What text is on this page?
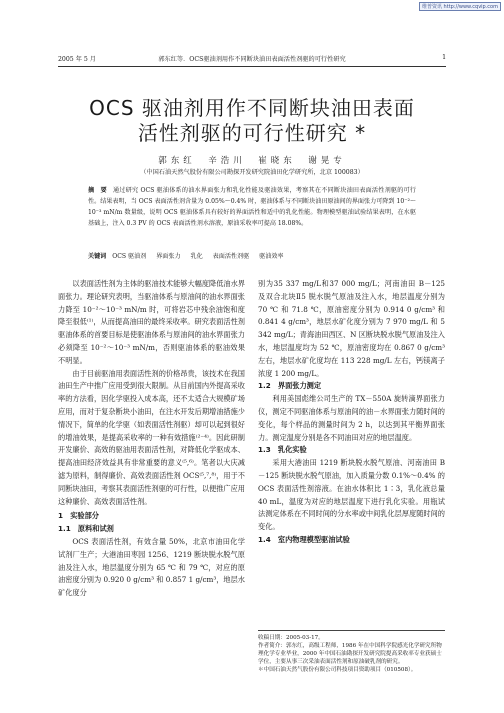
维普资讯 http://www.cqvip.com
2005 年 5 月	郭东红等．OCS驱油剂用作不同断块油田表面活性剂驱的可行性研究	1
OCS 驱油剂用作不同断块油田表面
活性剂驱的可行性研究 *
郭东红　辛浩川　崔晓东　谢晃专
（中国石油天然气股份有限公司勘探开发研究院油田化学研究所，北京 100083）
摘　要 通过研究 OCS 驱油体系的油水界面张力和乳化性能及驱油效果，考察其在不同断块油田表面活性剂驱的可行性。结果表明，当 OCS 表面活性剂含量为 0.05%～0.4% 时，驱油体系与不同断块油田原油间的界面张力可降到 10⁻²～10⁻³ mN/m 数量级，说明 OCS 驱油体系具有较好的界面活性和适中的乳化性能。物理模型驱油试验结果表明，在水驱基础上，注入 0.3 PV 的 OCS 表面活性剂水溶液，原油采收率可提高 18.08%。
关键词 OCS 驱油剂 界面张力 乳化 表面活性剂驱 驱油效率

以表面活性剂为主体的驱油技术能够大幅度降低油水界面张力。理论研究表明，当驱油体系与原油间的油水界面张力降至 10⁻²～10⁻³ mN/m 时，可将岩芯中残余油饱和度降至很低⁽¹⁾，从而提高油田的最终采收率。研究表面活性剂驱油体系的首要目标是使驱油体系与原油间的油水界面张力必须降至 10⁻²～10⁻³ mN/m，否则驱油体系的驱油效果不明显。

由于目前驱油用表面活性剂的价格昂贵，该技术在我国油田生产中推广应用受到很大限制。从目前国内外提高采收率的方法看，因化学驱投入成本高，还不太适合大规模矿场应用，而对于复杂断块小油田，在注水开发后期增油措施少情况下，简单的化学驱（如表面活性剂驱）却可以起到很好的增油效果，是提高采收率的一种有效措施⁽²⁻⁴⁾。因此研制开发廉价、高效的驱油用表面活性剂，对降低化学驱成本、提高油田经济效益具有非常重要的意义⁽⁵,⁶⁾。笔者以大庆减滤为原料，制得廉价、高效表面活性剂 OCS⁽⁵,⁷,⁸⁾，用于不同断块油田，考察其表面活性剂驱的可行性，以便推广应用这种廉价、高效表面活性剂。

1　实验部分
1.1　原料和试剂

OCS 表面活性剂，有效含量 50%，北京市油田化学试剂厂生产；大港油田枣园 1256、1219 断块脱水脱气原油及注入水，地层温度分别为 65 ℃ 和 79 ℃，对应的原油密度分别为 0.920 0 g/cm³ 和 0.857 1 g/cm³，地层水矿化度分

别为35 337 mg/L和37 000 mg/L；河南油田 B－125 及双合北块Ⅱ5 脱水脱气原油及注入水，地层温度分别为 70 ℃ 和 71.8 ℃，原油密度分别为 0.914 0 g/cm³ 和 0.841 4 g/cm³，地层水矿化度分别为 7 970 mg/L 和 5 342 mg/L；青海油田西区、N 区断块脱水脱气原油及注入水，地层温度均为 52 ℃，原油密度均在 0.867 0 g/cm³ 左右，地层水矿化度均在 113 228 mg/L 左右，钙镁离子浓度 1 200 mg/L。

1.2　界面张力测定

利用美国彪维公司生产的 TX－550A 旋转滴界面张力仪，测定不同驱油体系与原油间的油－水界面张力随时间的变化，每个样品的测量时间为 2 h，以达到其平衡界面张力。测定温度分别是各不同油田对应的地层温度。

1.3　乳化实验

采用大港油田 1219 断块脱水脱气原油、河南油田 B－125 断块脱水脱气原油，加入质量分数 0.1%～0.4% 的 OCS 表面活性剂溶液。在油水体积比 1∶3，乳化液总量 40 mL，温度为对应的地层温度下进行乳化实验。用瓶试法测定体系在不同时间的分水率或中间乳化层厚度随时间的变化。

1.4　室内物理模型驱油试验
收稿日期：2005-03-17。
作者简介：郭东红，高级工程师，1986 年在中国科学院感光化学研究所物理化学专业毕业，2000 年中国石油勘探开发研究院提高采收率专业获硕士学位，主要从事三次采油表面活性剂和原油破乳剂的研究。
＊中国石油天然气股份有限公司科技项目资助项目（010508）。
